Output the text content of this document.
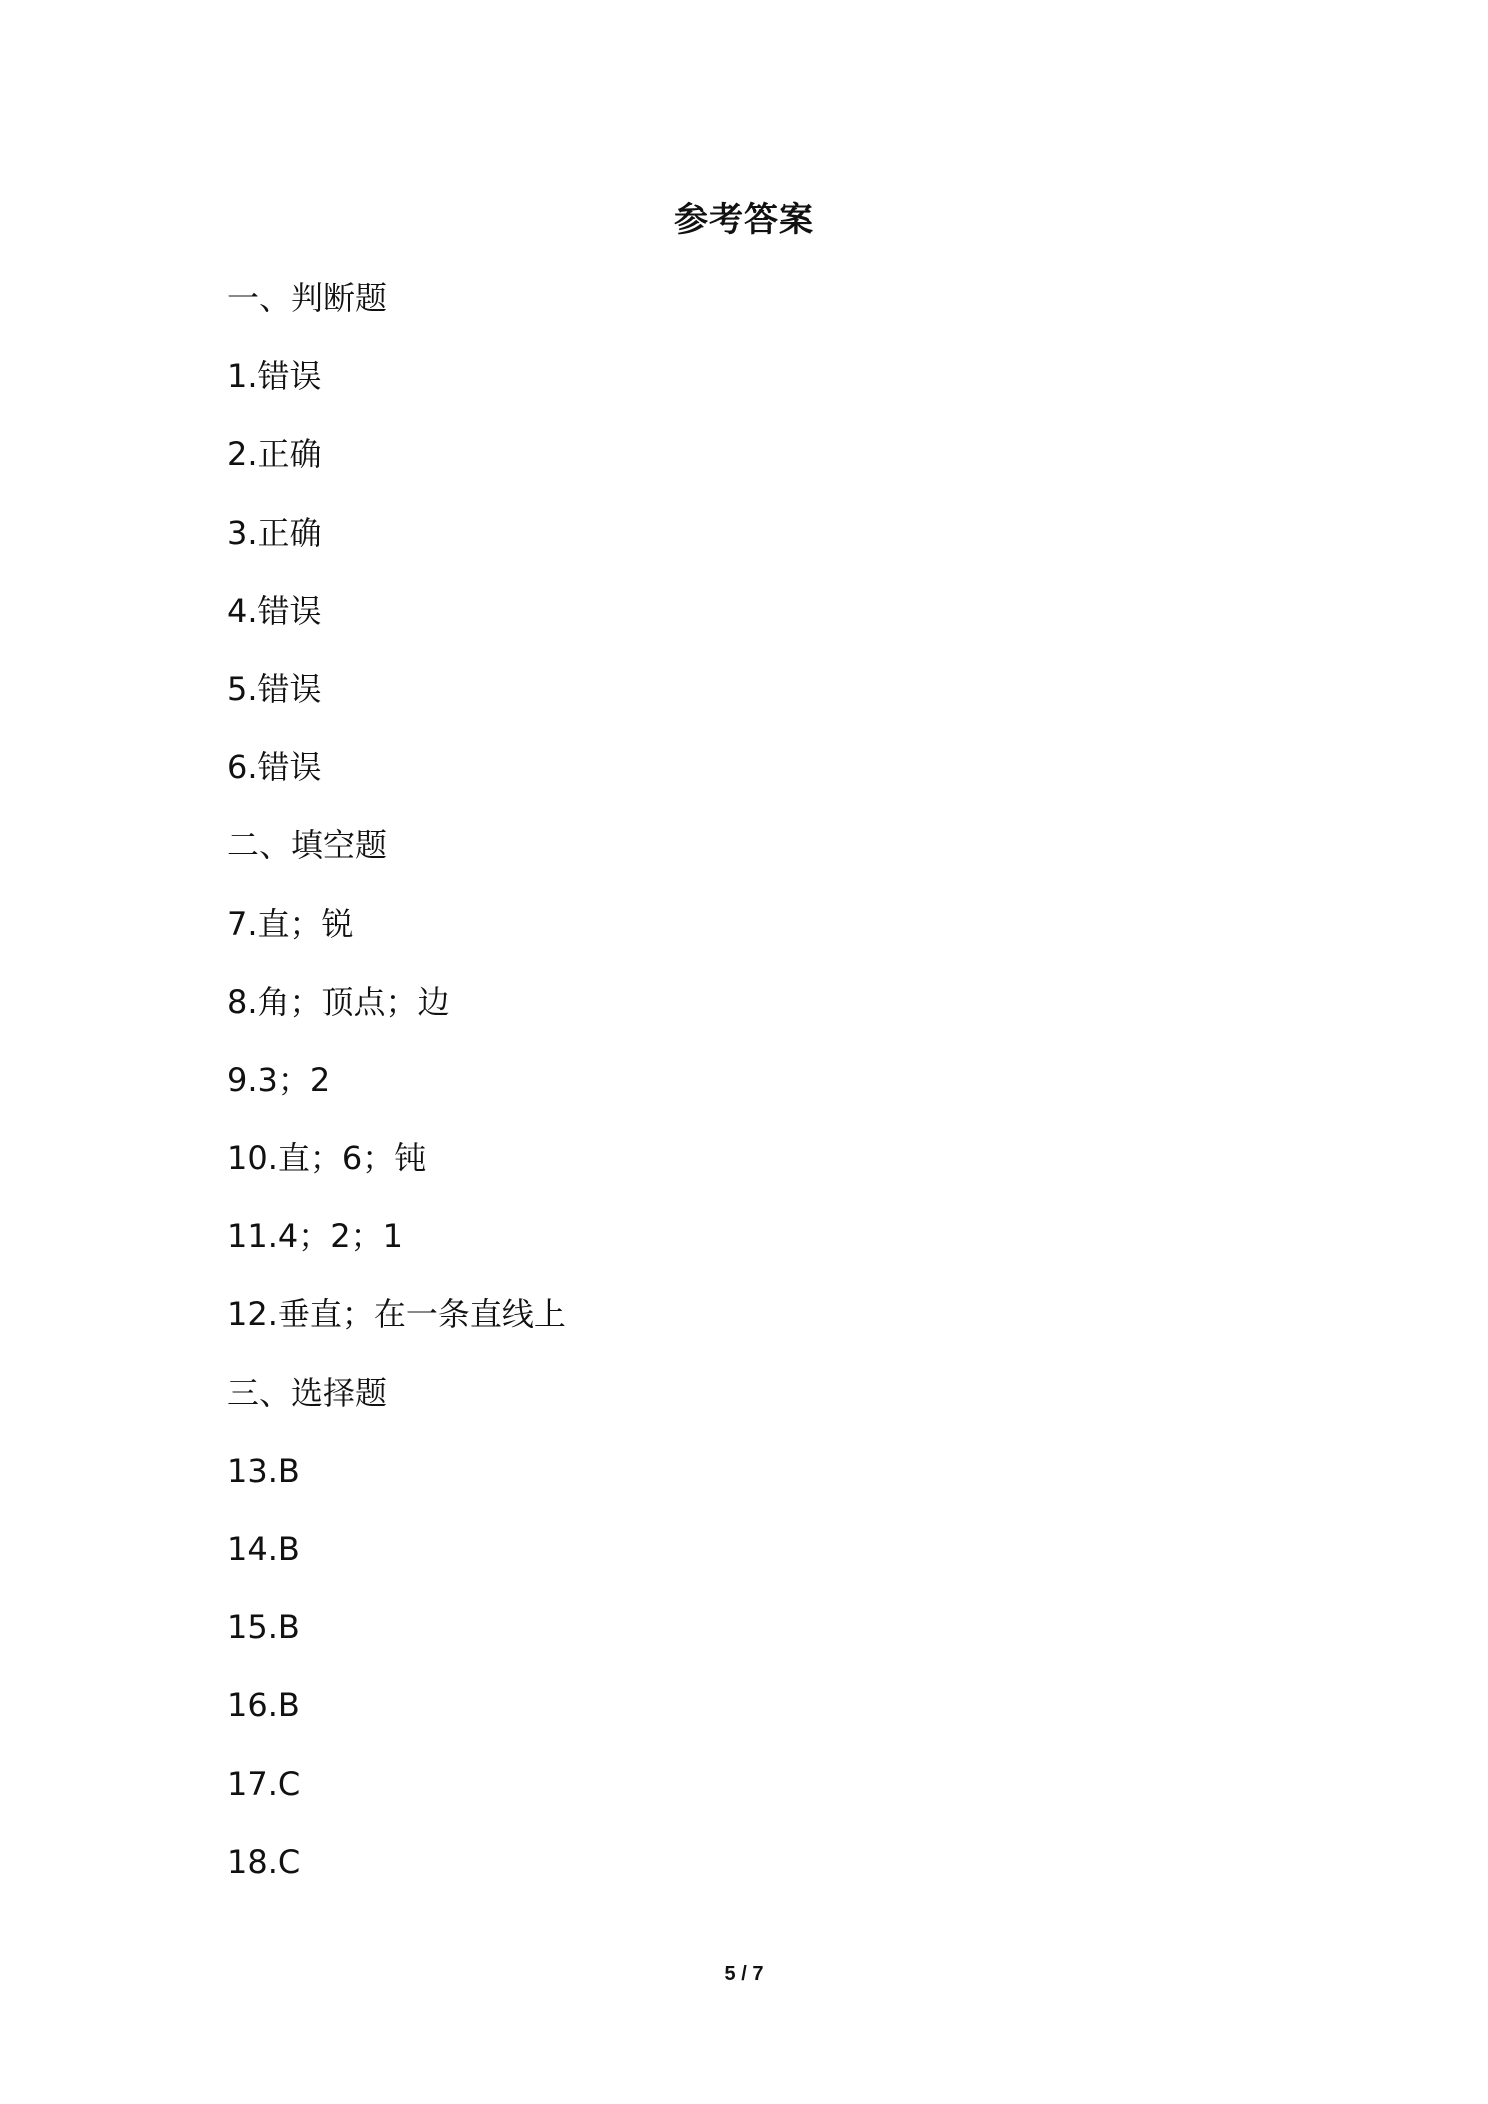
参考答案
一、判断题
1.错误
2.正确
3.正确
4.错误
5.错误
6.错误
二、填空题
7.直；锐
8.角；顶点；边
9.3；2
10.直；6；钝
11.4；2；1
12.垂直；在一条直线上
三、选择题
13.B
14.B
15.B
16.B
17.C
18.C
5 / 7
